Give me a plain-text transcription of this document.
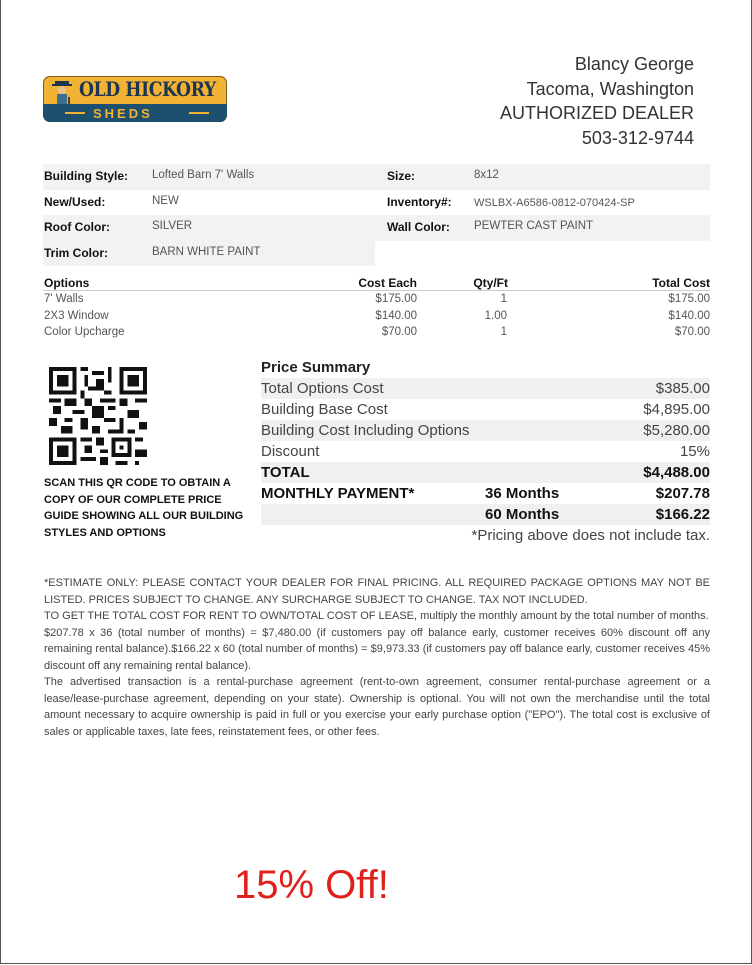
OLD HICKORY
SHEDS
Blancy George
Tacoma, Washington
AUTHORIZED DEALER
503-312-9744
Building Style: Lofted Barn 7' Walls	Size:	8x12
New/Used:	NEW	Inventory#: WSLBX-A6586-0812-070424-SP
Roof Color:	SILVER	Wall Color: PEWTER CAST PAINT
Trim Color:	BARN WHITE PAINT
Options	Cost Each	Qty/Ft	Total Cost
7' Walls	$175.00	1	$175.00
2X3 Window	$140.00	1.00	$140.00
Color Upcharge	$70.00	1	$70.00
SCAN THIS QR CODE TO OBTAIN A COPY OF OUR COMPLETE PRICE GUIDE SHOWING ALL OUR BUILDING STYLES AND OPTIONS
Price Summary
Total Options Cost	$385.00
Building Base Cost	$4,895.00
Building Cost Including Options	$5,280.00
Discount	15%
TOTAL	$4,488.00
MONTHLY PAYMENT*	36 Months	$207.78
60 Months	$166.22
*Pricing above does not include tax.

*ESTIMATE ONLY: PLEASE CONTACT YOUR DEALER FOR FINAL PRICING. ALL REQUIRED PACKAGE OPTIONS MAY NOT BE LISTED. PRICES SUBJECT TO CHANGE. ANY SURCHARGE SUBJECT TO CHANGE. TAX NOT INCLUDED.

TO GET THE TOTAL COST FOR RENT TO OWN/TOTAL COST OF LEASE, multiply the monthly amount by the total number of months.

$207.78 x 36 (total number of months) = $7,480.00 (if customers pay off balance early, customer receives 60% discount off any remaining rental balance).$166.22 x 60 (total number of months) = $9,973.33 (if customers pay off balance early, customer receives 45% discount off any remaining rental balance).

The advertised transaction is a rental-purchase agreement (rent-to-own agreement, consumer rental-purchase agreement or a lease/lease-purchase agreement, depending on your state). Ownership is optional. You will not own the merchandise until the total amount necessary to acquire ownership is paid in full or you exercise your early purchase option ("EPO"). The total cost is exclusive of sales or applicable taxes, late fees, reinstatement fees, or other fees.

15% Off!
